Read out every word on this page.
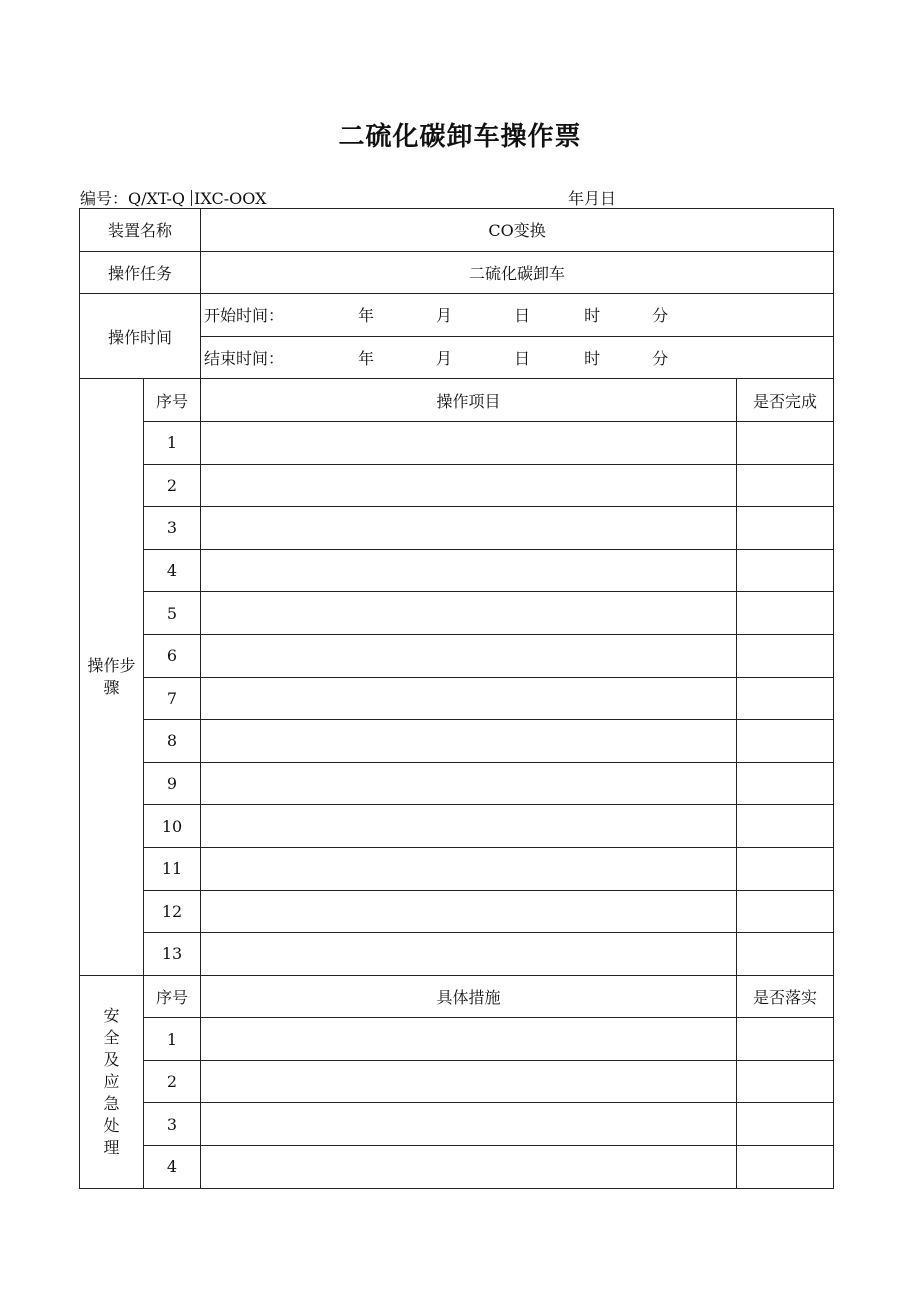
二硫化碳卸车操作票
编号：Q/XT-Q IXC-OOX	年月日
装置名称		CO变换	
操作任务		二硫化碳卸车	
操作时间		开始时间： 年 月 日 时 分	
		结束时间： 年 月 日 时 分	
操作步
骤	序号	操作项目	是否完成
	1		
	2		
	3		
	4		
	5		
	6		
	7		
	8		
	9		
	10		
	11		
	12		
	13		
安全及应急处理	序号	具体措施	是否落实
	1		
	2		
	3		
	4		
